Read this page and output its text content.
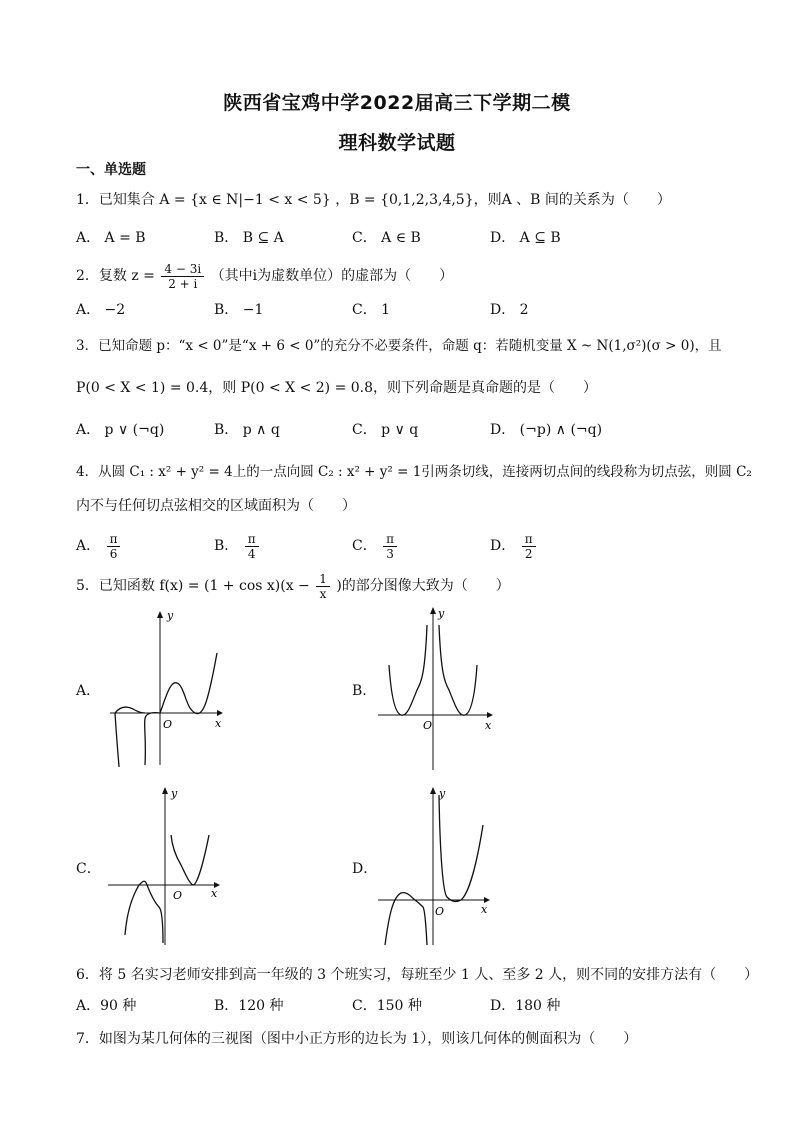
陕西省宝鸡中学2022届高三下学期二模
理科数学试题
一、单选题
1．已知集合 A = {x ∈ N|−1 < x < 5} ，B = {0,1,2,3,4,5}，则A 、B 间的关系为（　　）
A． A = B	B． B ⊆ A	C． A ∈ B	D． A ⊆ B
2．复数 $z = \frac{4 - 3i}{2 + i}$ （其中i为虚数单位）的虚部为（　　）
A． −2	B． −1	C． 1	D． 2
3．已知命题 p：“x < 0”是“x + 6 < 0”的充分不必要条件，命题 q：若随机变量 X ~ N(1,σ²)(σ > 0)，且
P(0 < X < 1) = 0.4，则 P(0 < X < 2) = 0.8，则下列命题是真命题的是（　　）
A． p ∨ (¬q)	B． p ∧ q	C． p ∨ q	D． (¬p) ∧ (¬q)
4．从圆 C₁ : x² + y² = 4上的一点向圆 C₂ : x² + y² = 1引两条切线，连接两切点间的线段称为切点弦，则圆 C₂
内不与任何切点弦相交的区域面积为（　　）
A． $\frac{\pi}{6}$	B． $\frac{\pi}{4}$	C． $\frac{\pi}{3}$	D． $\frac{\pi}{2}$
5．已知函数 $f(x) = (1 + \cos x)(x - \frac{1}{x}$ )的部分图像大致为（　　）
A．	B．
C．	D．
O	x
y
O	x
y
O	x
y
O	x
y
6．将 5 名实习老师安排到高一年级的 3 个班实习，每班至少 1 人、至多 2 人，则不同的安排方法有（　　）
A．90 种	B．120 种	C．150 种	D．180 种
7．如图为某几何体的三视图（图中小正方形的边长为 1），则该几何体的侧面积为（　　）
